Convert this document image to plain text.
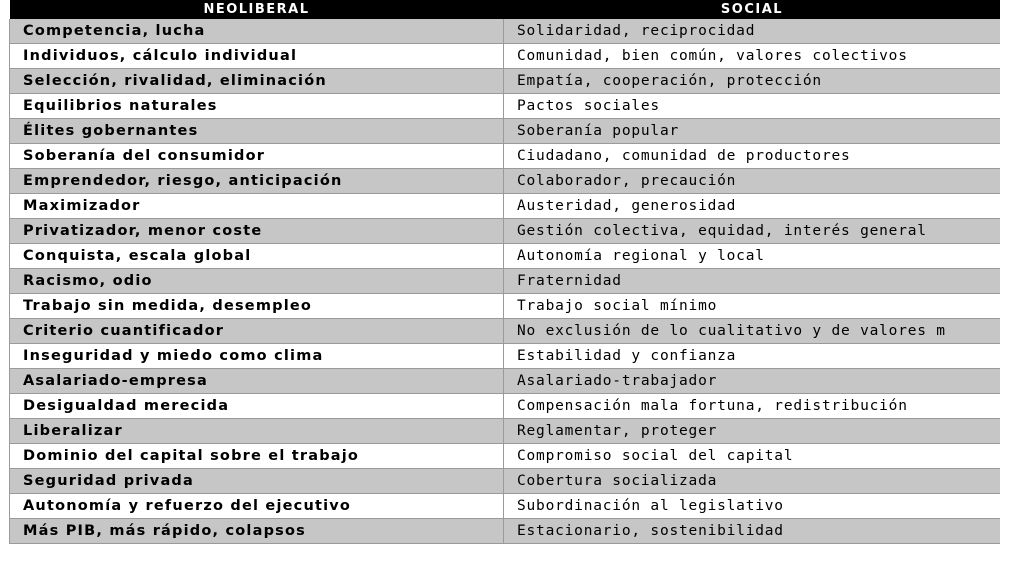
NEOLIBERAL	SOCIAL
Competencia, lucha	Solidaridad, reciprocidad
Individuos, cálculo individual	Comunidad, bien común, valores colectivos
Selección, rivalidad, eliminación	Empatía, cooperación, protección
Equilibrios naturales	Pactos sociales
Élites gobernantes	Soberanía popular
Soberanía del consumidor	Ciudadano, comunidad de productores
Emprendedor, riesgo, anticipación	Colaborador, precaución
Maximizador	Austeridad, generosidad
Privatizador, menor coste	Gestión colectiva, equidad, interés general
Conquista, escala global	Autonomía regional y local
Racismo, odio	Fraternidad
Trabajo sin medida, desempleo	Trabajo social mínimo
Criterio cuantificador	No exclusión de lo cualitativo y de valores m
Inseguridad y miedo como clima	Estabilidad y confianza
Asalariado-empresa	Asalariado-trabajador
Desigualdad merecida	Compensación mala fortuna, redistribución
Liberalizar	Reglamentar, proteger
Dominio del capital sobre el trabajo	Compromiso social del capital
Seguridad privada	Cobertura socializada
Autonomía y refuerzo del ejecutivo	Subordinación al legislativo
Más PIB, más rápido, colapsos	Estacionario, sostenibilidad
